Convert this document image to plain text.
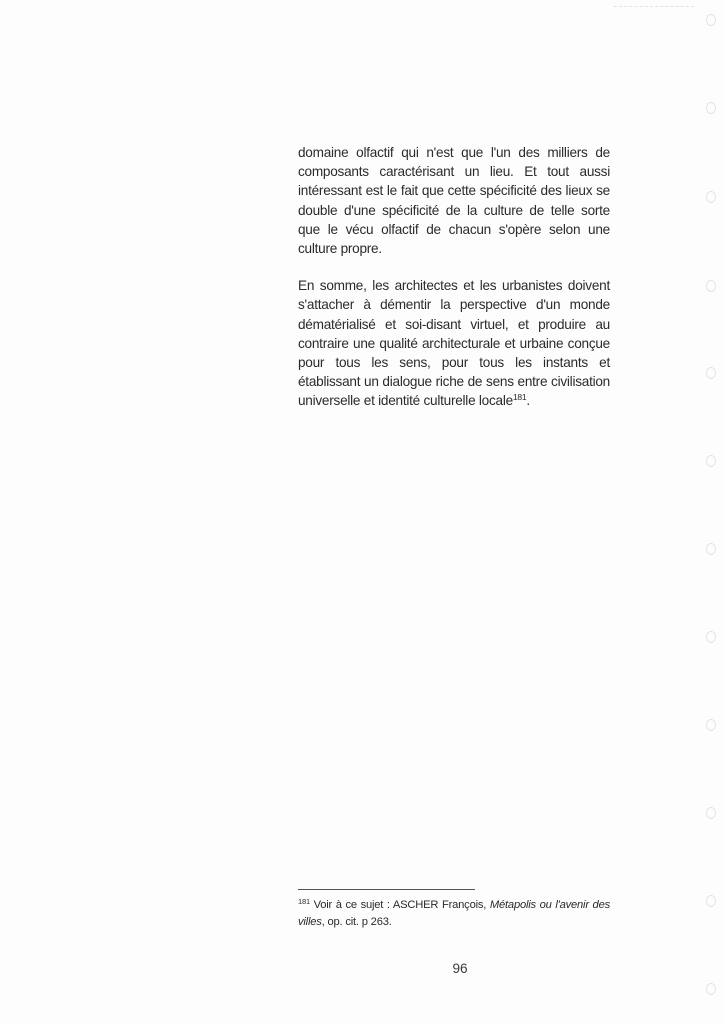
domaine olfactif qui n'est que l'un des milliers de composants caractérisant un lieu. Et tout aussi intéressant est le fait que cette spécificité des lieux se double d'une spécificité de la culture de telle sorte que le vécu olfactif de chacun s'opère selon une culture propre.

En somme, les architectes et les urbanistes doivent s'attacher à démentir la perspective d'un monde dématérialisé et soi-disant virtuel, et produire au contraire une qualité architecturale et urbaine conçue pour tous les sens, pour tous les instants et établissant un dialogue riche de sens entre civilisation universelle et identité culturelle locale$^{181}$.

$^{181}$ Voir à ce sujet : ASCHER François, Métapolis ou l'avenir des villes, op. cit. p 263.

96
